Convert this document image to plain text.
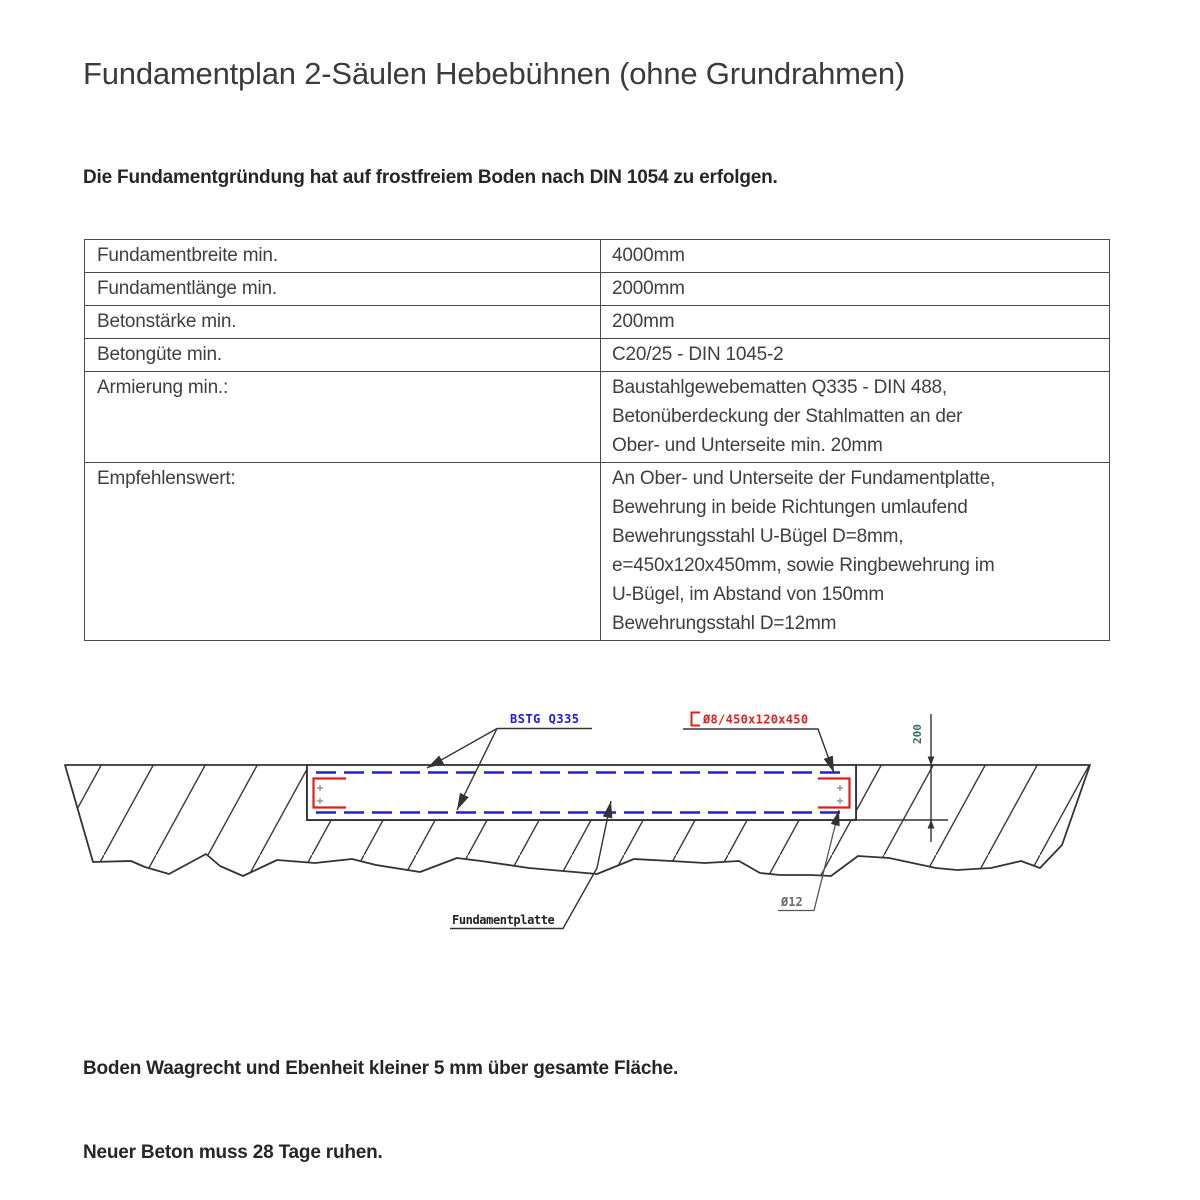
Fundamentplan 2-Säulen Hebebühnen (ohne Grundrahmen)
Die Fundamentgründung hat auf frostfreiem Boden nach DIN 1054 zu erfolgen.
Fundamentbreite min.	4000mm

Fundamentlänge min.	2000mm

Betonstärke min.	200mm

Betongüte min.	C20/25 - DIN 1045-2

Armierung min.:	Baustahlgewebematten Q335 - DIN 488,
Betonüberdeckung der Stahlmatten an der
Ober- und Unterseite min. 20mm

Empfehlenswert:	An Ober- und Unterseite der Fundamentplatte,
Bewehrung in beide Richtungen umlaufend
Bewehrungsstahl U-Bügel D=8mm,
e=450x120x450mm, sowie Ringbewehrung im
U-Bügel, im Abstand von 150mm
Bewehrungsstahl D=12mm
200
BSTG Q335	Ø8/450x120x450
Fundamentplatte
Ø12
Boden Waagrecht und Ebenheit kleiner 5 mm über gesamte Fläche.
Neuer Beton muss 28 Tage ruhen.
